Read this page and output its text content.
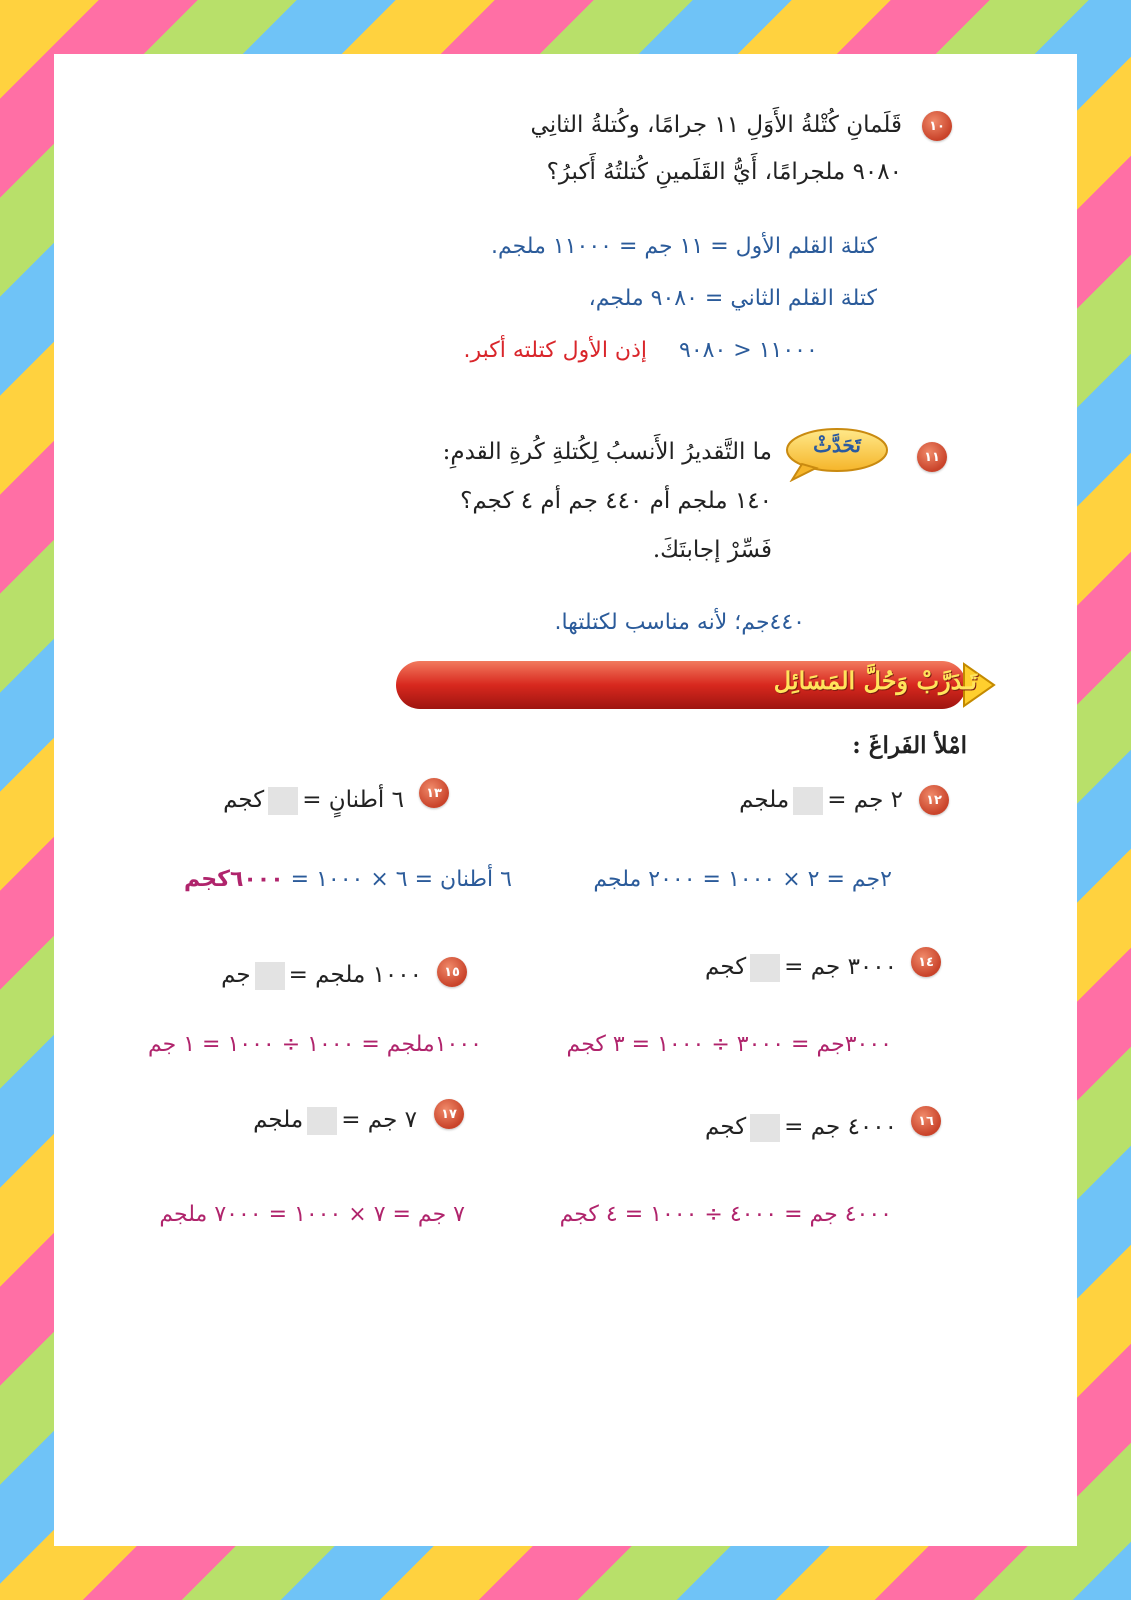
١٠
قَلَمانِ كُتْلةُ الأَوَلِ ١١ جرامًا، وكُتلةُ الثانِي
٩٠٨٠ ملجرامًا، أَيُّ القَلَمينِ كُتلتُهُ أَكبرُ؟
كتلة القلم الأول = ١١ جم = ١١٠٠٠ ملجم.
كتلة القلم الثاني = ٩٠٨٠ ملجم،
١١٠٠٠ < ٩٠٨٠
إذن الأول كتلته أكبر.
١١
تَحَدَّثْ
ما التَّقديرُ الأَنسبُ لِكُتلةِ كُرةِ القدمِ:
١٤٠ ملجم أم ٤٤٠ جم أم ٤ كجم؟
فَسِّرْ إجابتَكَ.
٤٤٠جم؛ لأنه مناسب لكتلتها.
تَـدَرَّبْ وَحُلَّ المَسَائِل
امْلأ الفَراغَ :
١٢
٢ جم =ملجم
٢جم = ٢ × ١٠٠٠ = ٢٠٠٠ ملجم
١٣
٦ أطنانٍ =كجم
٦ أطنان = ٦ × ١٠٠٠ = ٦٠٠٠كجم
١٤
٣٠٠٠ جم =كجم
٣٠٠٠جم = ٣٠٠٠ ÷ ١٠٠٠ = ٣ كجم
١٥
١٠٠٠ ملجم =جم
١٠٠٠ملجم = ١٠٠٠ ÷ ١٠٠٠ = ١ جم
١٦
٤٠٠٠ جم =كجم
٤٠٠٠ جم = ٤٠٠٠ ÷ ١٠٠٠ = ٤ كجم
١٧
٧ جم =ملجم
٧ جم = ٧ × ١٠٠٠ = ٧٠٠٠ ملجم
